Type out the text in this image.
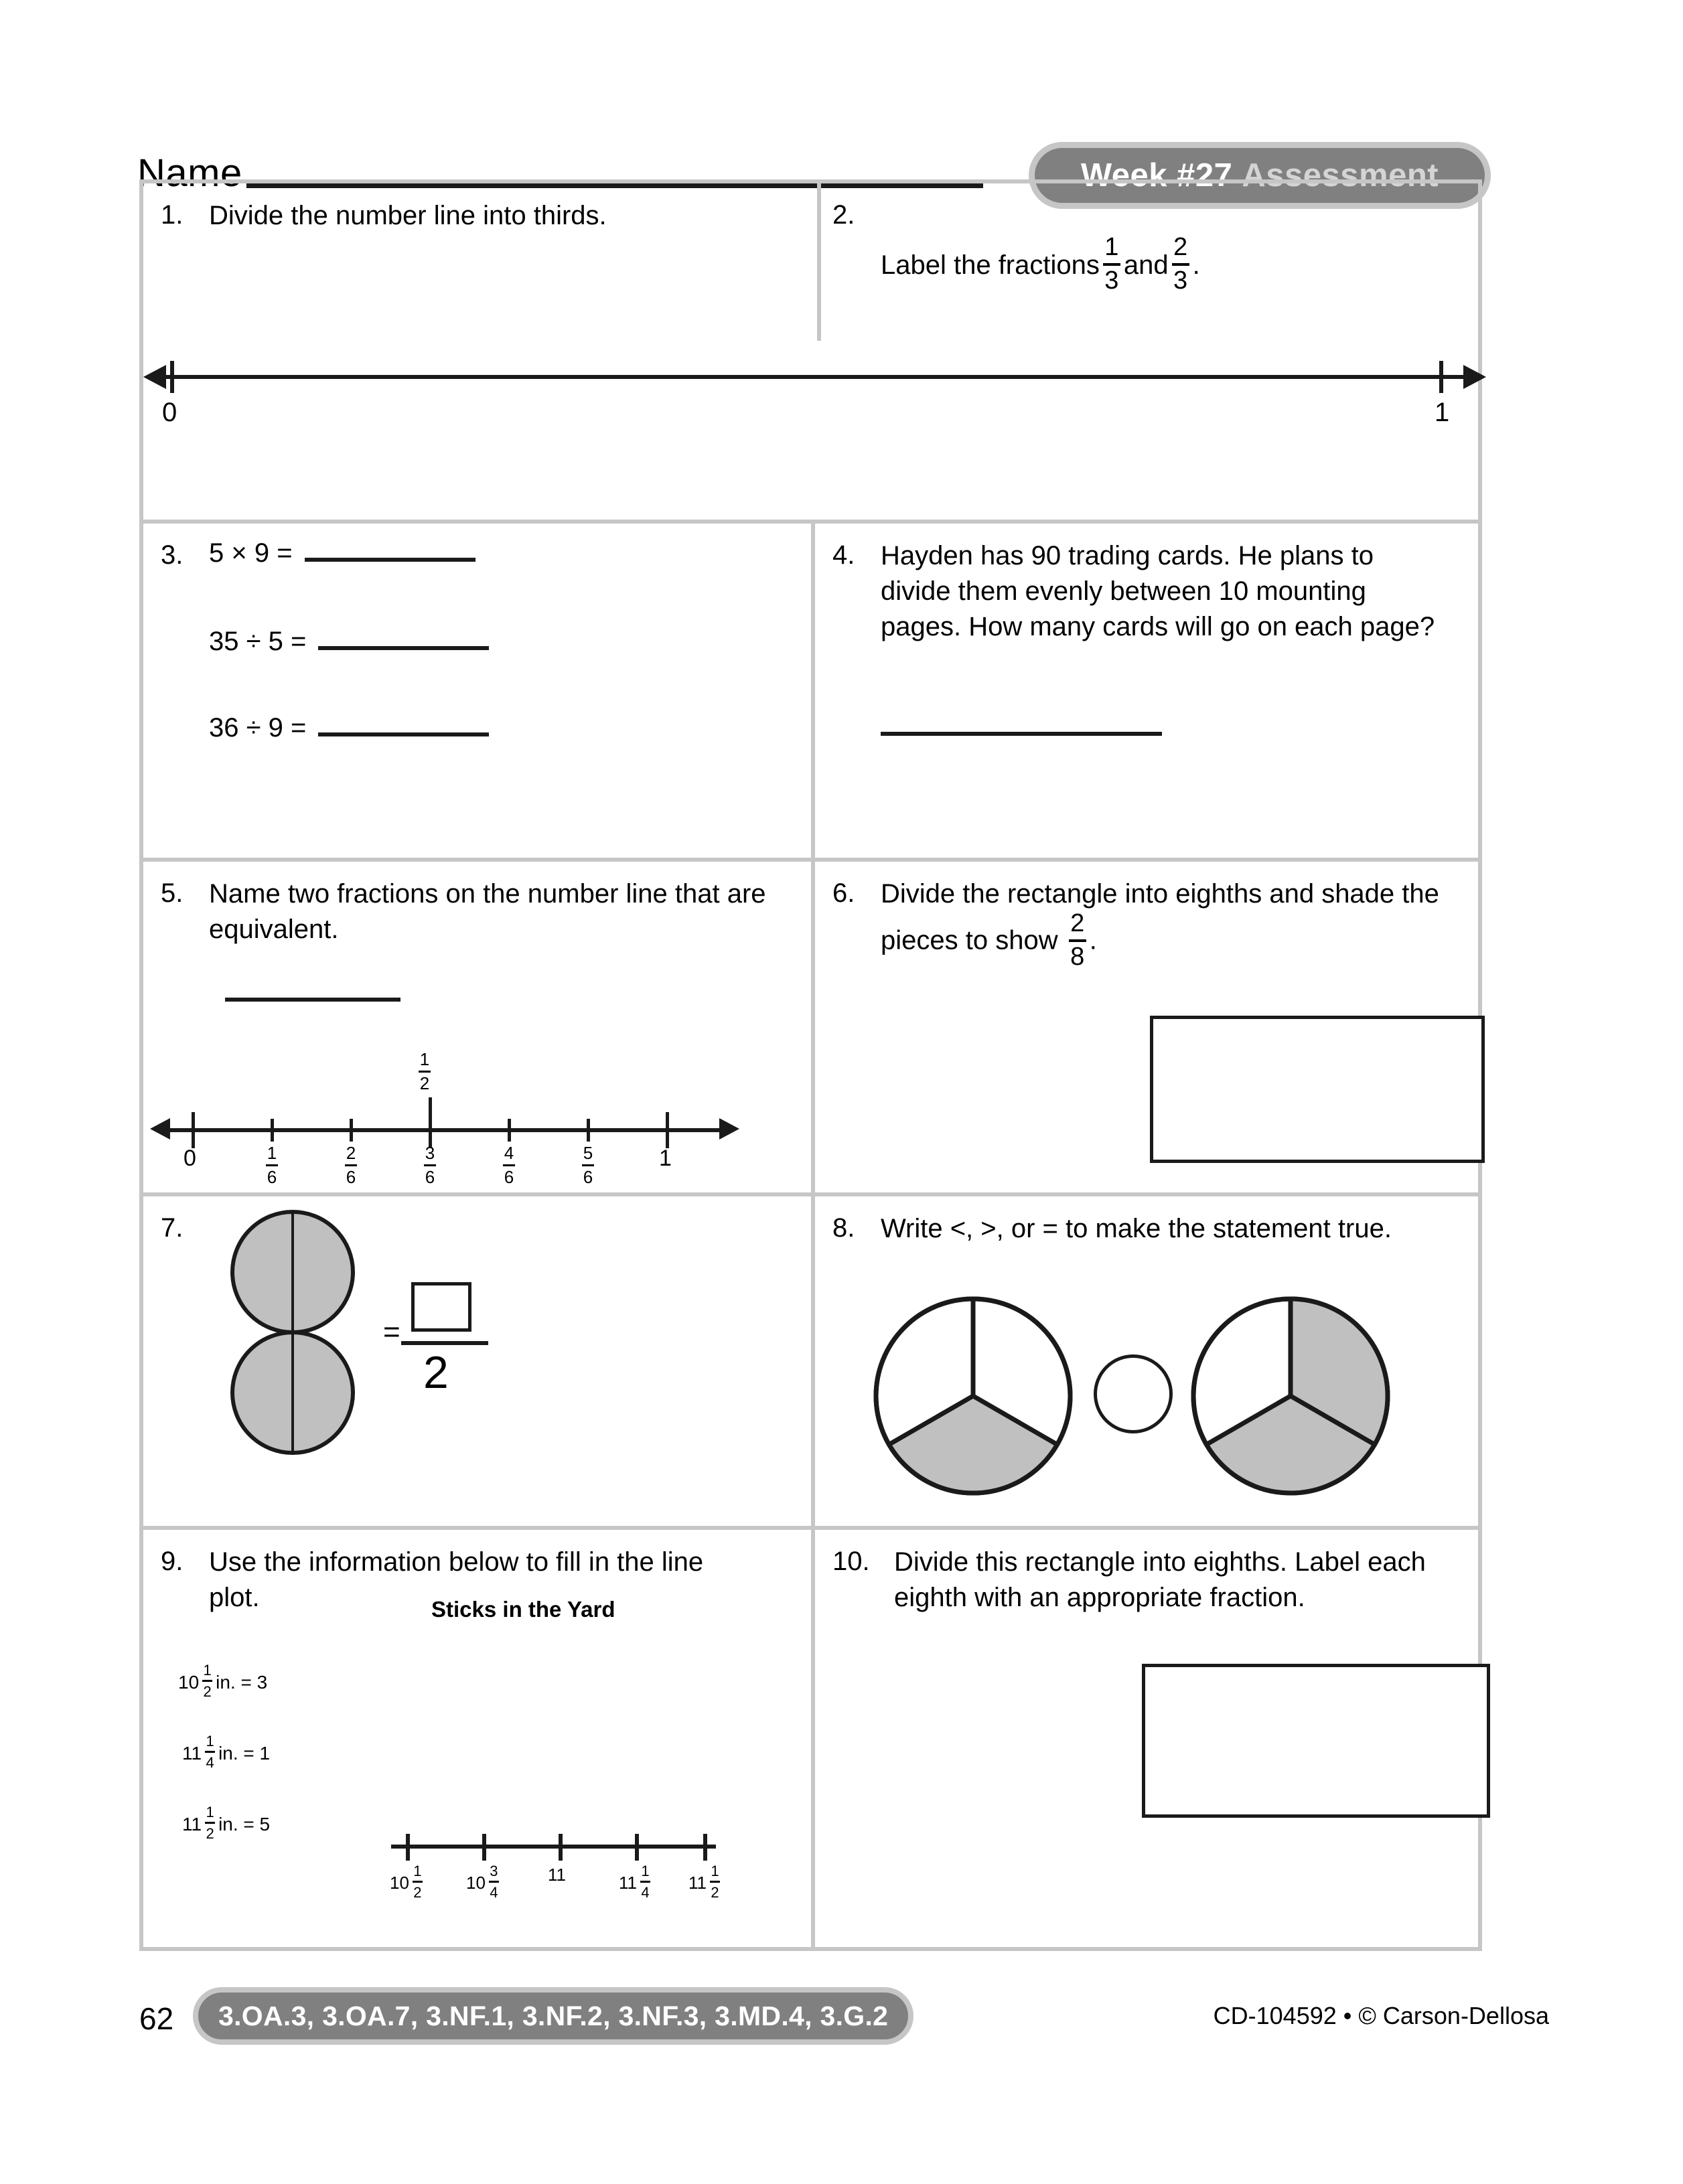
Name	Week #27 Assessment
1. Divide the number line into thirds.	2.
Label the fractions $\frac{1}{3}$ and $\frac{2}{3}$ .
0	1
3. 5 × 9 =
35 ÷ 5 =
36 ÷ 9 =
4. Hayden has 90 trading cards. He plans to divide them evenly between 10 mounting pages. How many cards will go on each page?
5. Name two fractions on the number line that are equivalent.
$\frac{1}{2}$
0	$\frac{1}{6}$	$\frac{2}{6}$	$\frac{3}{6}$	$\frac{4}{6}$	$\frac{5}{6}$	1
6. Divide the rectangle into eighths and shade the pieces to show $\frac{2}{8}$ .
7.
=
2
8. Write <, >, or = to make the statement true.
9. Use the information below to fill in the line plot.	Sticks in the Yard
$10 \frac{1}{2}$ in. = 3
$11 \frac{1}{4}$ in. = 1
$11 \frac{1}{2}$ in. = 5
$10 \frac{1}{2}$	$10 \frac{3}{4}$	11	$11 \frac{1}{4} 11 \frac{1}{2}$
10. Divide this rectangle into eighths. Label each eighth with an appropriate fraction.
62 3.OA.3, 3.OA.7, 3.NF.1, 3.NF.2, 3.NF.3, 3.MD.4, 3.G.2	CD-104592 • © Carson-Dellosa
